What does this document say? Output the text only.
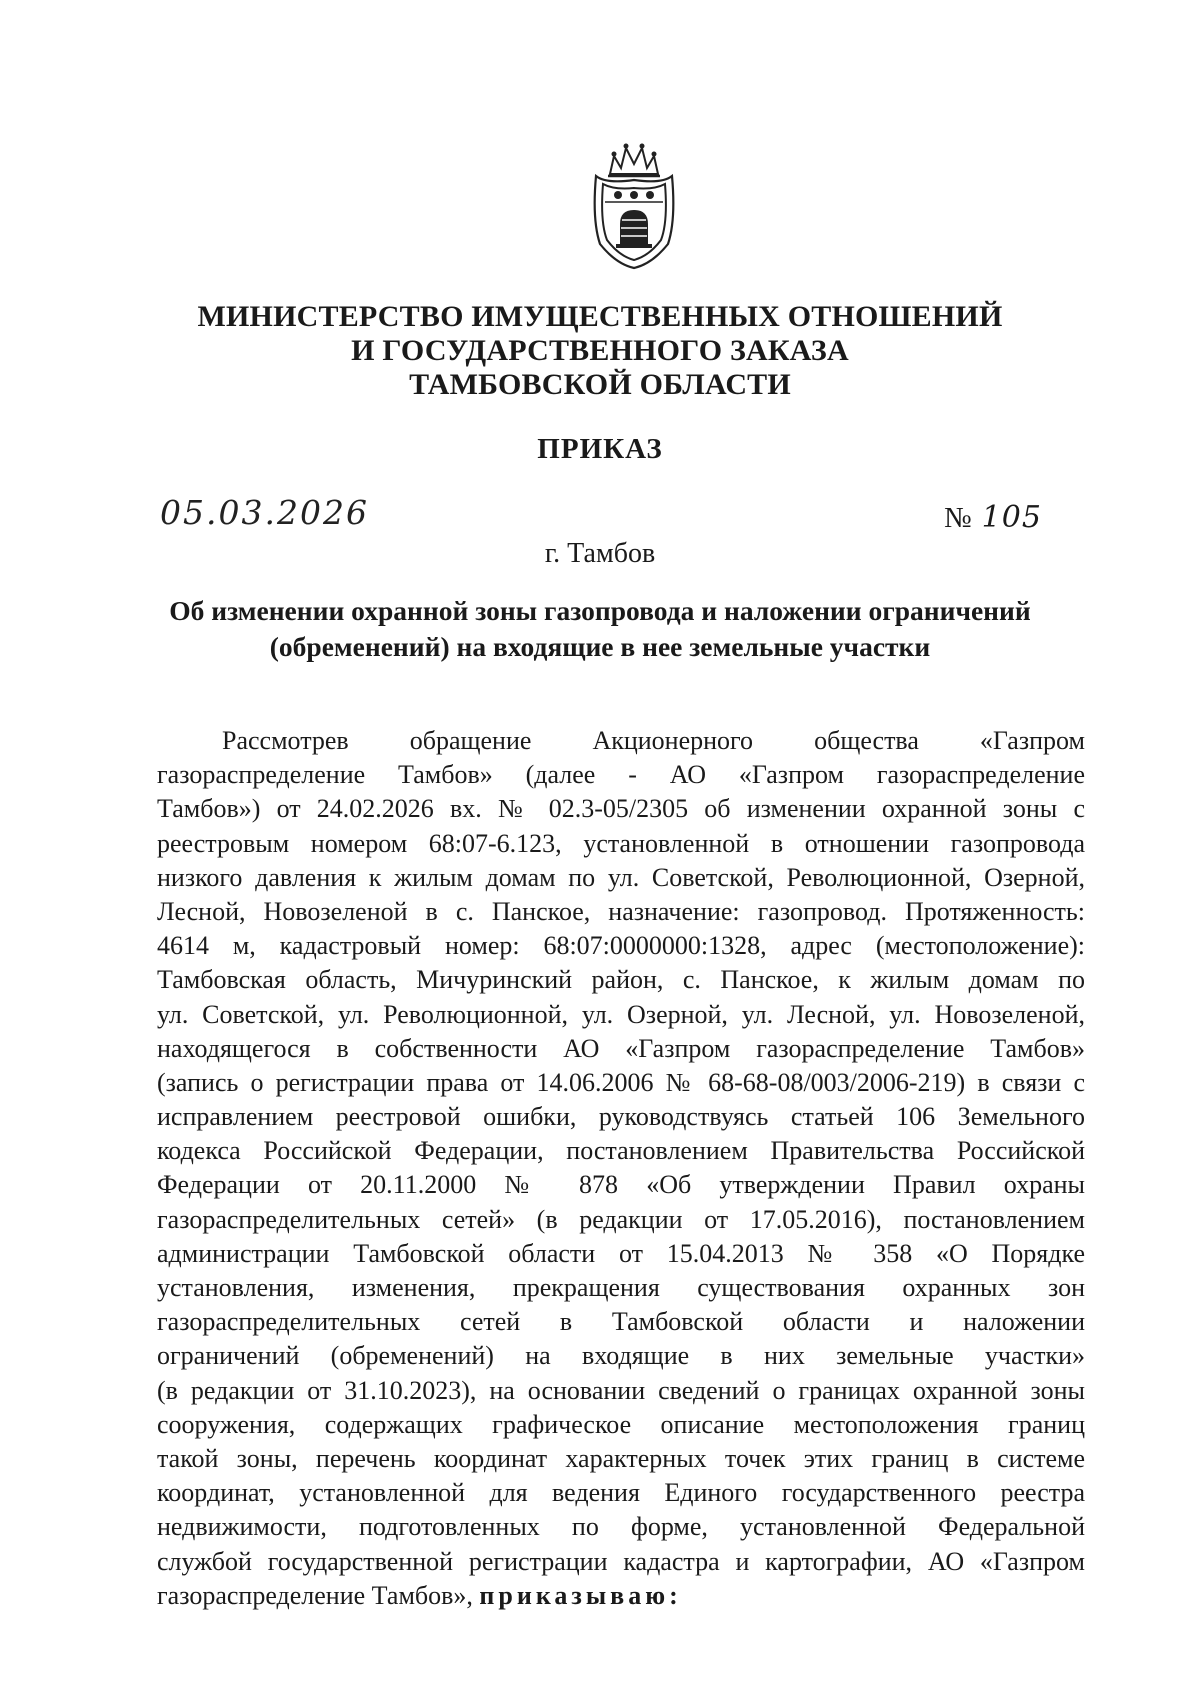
МИНИСТЕРСТВО ИМУЩЕСТВЕННЫХ ОТНОШЕНИЙ
И ГОСУДАРСТВЕННОГО ЗАКАЗА
ТАМБОВСКОЙ ОБЛАСТИ
ПРИКАЗ
05.03.2026	№ 105
г. Тамбов
Об изменении охранной зоны газопровода и наложении ограничений
(обременений) на входящие в нее земельные участки
Рассмотрев обращение Акционерного общества «Газпром
газораспределение Тамбов» (далее - АО «Газпром газораспределение
Тамбов») от 24.02.2026 вх. № 02.3-05/2305 об изменении охранной зоны с
реестровым номером 68:07-6.123, установленной в отношении газопровода
низкого давления к жилым домам по ул. Советской, Революционной, Озерной,
Лесной, Новозеленой в с. Панское, назначение: газопровод. Протяженность:
4614 м, кадастровый номер: 68:07:0000000:1328, адрес (местоположение):
Тамбовская область, Мичуринский район, с. Панское, к жилым домам по
ул. Советской, ул. Революционной, ул. Озерной, ул. Лесной, ул. Новозеленой,
находящегося в собственности АО «Газпром газораспределение Тамбов»
(запись о регистрации права от 14.06.2006 № 68-68-08/003/2006-219) в связи с
исправлением реестровой ошибки, руководствуясь статьей 106 Земельного
кодекса Российской Федерации, постановлением Правительства Российской
Федерации от 20.11.2000 № 878 «Об утверждении Правил охраны
газораспределительных сетей» (в редакции от 17.05.2016), постановлением
администрации Тамбовской области от 15.04.2013 № 358 «О Порядке
установления, изменения, прекращения существования охранных зон
газораспределительных сетей в Тамбовской области и наложении
ограничений (обременений) на входящие в них земельные участки»
(в редакции от 31.10.2023), на основании сведений о границах охранной зоны
сооружения, содержащих графическое описание местоположения границ
такой зоны, перечень координат характерных точек этих границ в системе
координат, установленной для ведения Единого государственного реестра
недвижимости, подготовленных по форме, установленной Федеральной
службой государственной регистрации кадастра и картографии, АО «Газпром
газораспределение Тамбов», приказываю:
